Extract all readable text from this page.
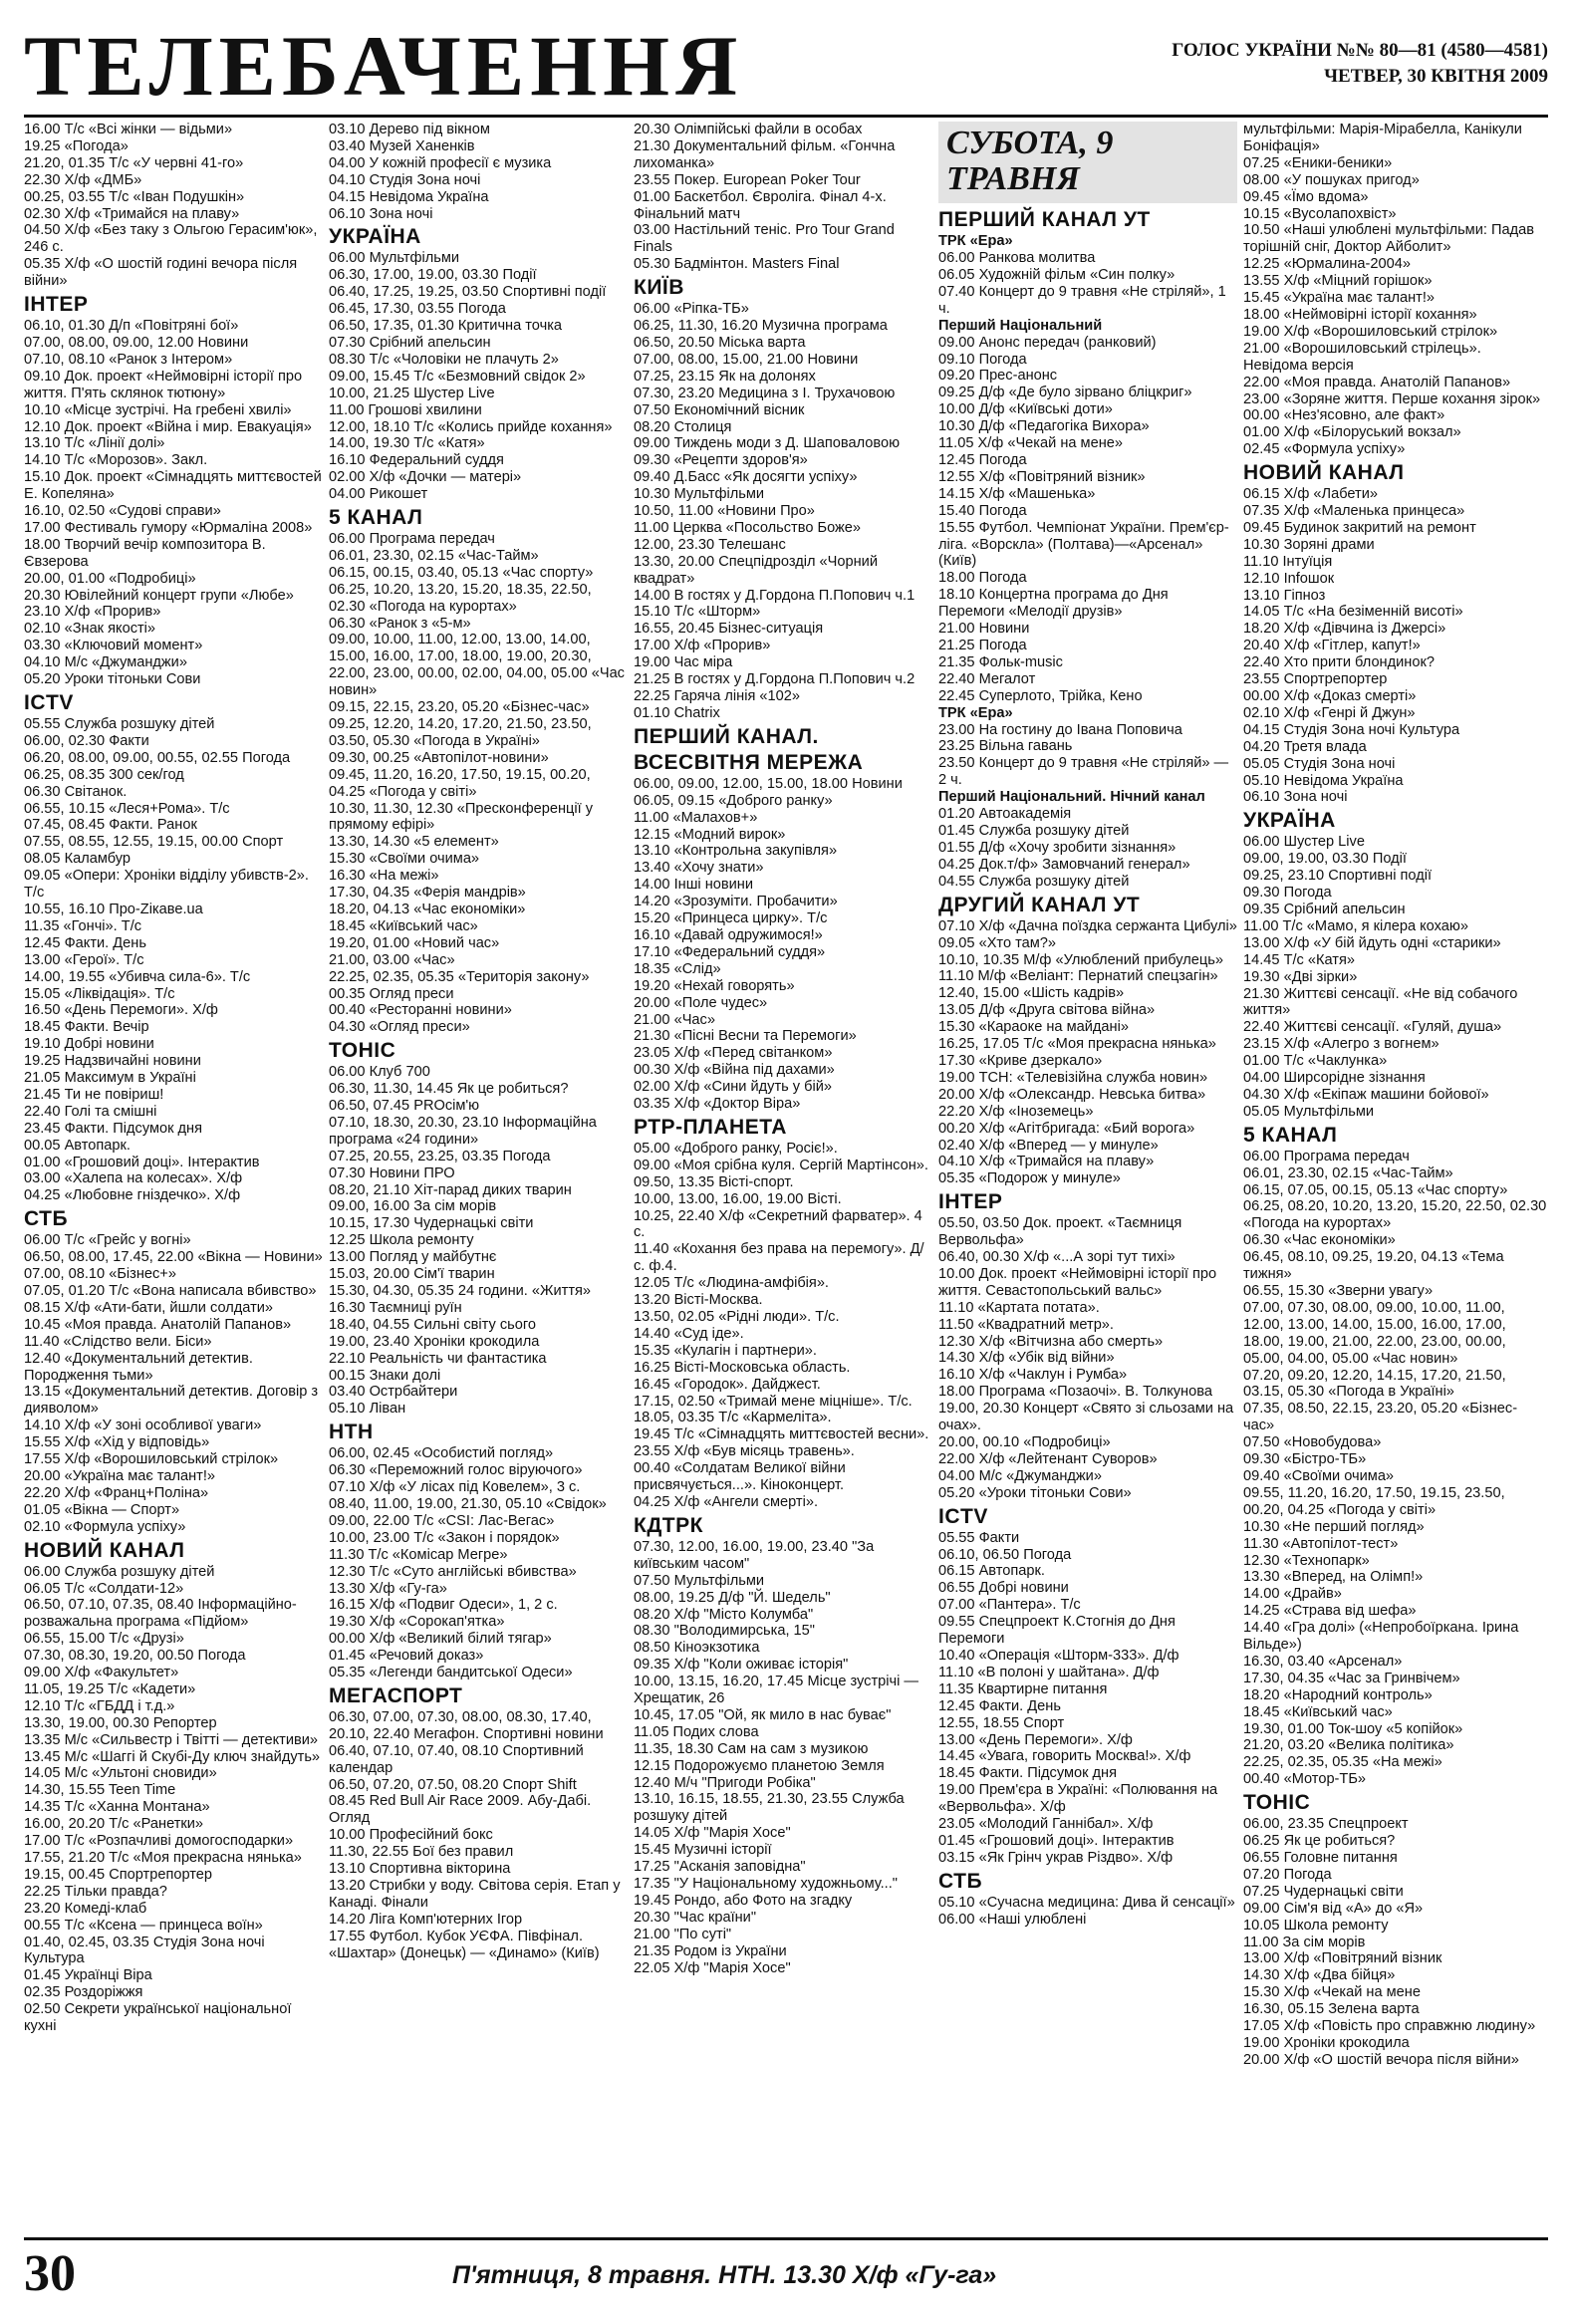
ТЕЛЕБАЧЕННЯ	ГОЛОС УКРАЇНИ №№ 80—81 (4580—4581)
ЧЕТВЕР, 30 КВІТНЯ 2009
16.00 Т/с «Всі жінки — відьми»
19.25 «Погода»
21.20, 01.35 Т/с «У червні 41-го»
22.30 Х/ф «ДМБ»
00.25, 03.55 Т/с «Іван Подушкін»
02.30 Х/ф «Тримайся на плаву»
04.50 Х/ф «Без таку з Ольгою Герасим'юк», 246 с.
05.35 Х/ф «О шостій годині вечора після війни»
ІНТЕР
06.10, 01.30 Д/п «Повітряні бої»
07.00, 08.00, 09.00, 12.00 Новини
07.10, 08.10 «Ранок з Інтером»
09.10 Док. проект «Неймовірні історії про життя. П'ять склянок тютюну»
10.10 «Місце зустрічі. На гребені хвилі»
12.10 Док. проект «Війна і мир. Евакуація»
13.10 Т/с «Лінії долі»
14.10 Т/с «Морозов». Закл.
15.10 Док. проект «Сімнадцять миттєвостей Е. Копеляна»
16.10, 02.50 «Судові справи»
17.00 Фестиваль гумору «Юрмаліна 2008»
18.00 Творчий вечір композитора В. Євзерова
20.00, 01.00 «Подробиці»
20.30 Ювілейний концерт групи «Любе»
23.10 Х/ф «Прорив»
02.10 «Знак якості»
03.30 «Ключовий момент»
04.10 М/с «Джуманджи»
05.20 Уроки тітоньки Сови
ICTV
05.55 Служба розшуку дітей
06.00, 02.30 Факти
06.20, 08.00, 09.00, 00.55, 02.55 Погода
06.25, 08.35 300 сек/год
06.30 Світанок.
06.55, 10.15 «Леся+Рома». Т/с
07.45, 08.45 Факти. Ранок
07.55, 08.55, 12.55, 19.15, 00.00 Спорт
08.05 Каламбур
09.05 «Опери: Хроніки відділу убивств-2». Т/с
10.55, 16.10 Про-Zікаве.ua
11.35 «Гончі». Т/с
12.45 Факти. День
13.00 «Герої». Т/с
14.00, 19.55 «Убивча сила-6». Т/с
15.05 «Ліквідація». Т/с
16.50 «День Перемоги». Х/ф
18.45 Факти. Вечір
19.10 Добрі новини
19.25 Надзвичайні новини
21.05 Максимум в Україні
21.45 Ти не повіриш!
22.40 Голі та смішні
23.45 Факти. Підсумок дня
00.05 Автопарк.
01.00 «Грошовий доці». Інтерактив
03.00 «Халепа на колесах». Х/ф
04.25 «Любовне гніздечко». Х/ф
СТБ
06.00 Т/с «Грейс у вогні»
06.50, 08.00, 17.45, 22.00 «Вікна — Новини»
07.00, 08.10 «Бізнес+»
07.05, 01.20 Т/с «Вона написала вбивство»
08.15 Х/ф «Ати-бати, йшли солдати»
10.45 «Моя правда. Анатолій Папанов»
11.40 «Слідство вели. Біси»
12.40 «Документальний детектив. Породження тьми»
13.15 «Документальний детектив. Договір з дияволом»
14.10 Х/ф «У зоні особливої уваги»
15.55 Х/ф «Хід у відповідь»
17.55 Х/ф «Ворошиловський стрілок»
20.00 «Україна має талант!»
22.20 Х/ф «Франц+Поліна»
01.05 «Вікна — Спорт»
02.10 «Формула успіху»
НОВИЙ КАНАЛ
06.00 Служба розшуку дітей
06.05 Т/с «Солдати-12»
06.50, 07.10, 07.35, 08.40 Інформаційно-розважальна програма «Підйом»
06.55, 15.00 Т/с «Друзі»
07.30, 08.30, 19.20, 00.50 Погода
09.00 Х/ф «Факультет»
11.05, 19.25 Т/с «Кадети»
12.10 Т/с «ГБДД і т.д.»
13.30, 19.00, 00.30 Репортер
13.35 М/с «Сильвестр і Твітті — детективи»
13.45 М/с «Шаггі й Скубі-Ду ключ знайдуть»
14.05 М/с «Ультоні сновиди»
14.30, 15.55 Teen Time
14.35 Т/с «Ханна Монтана»
16.00, 20.20 Т/с «Ранетки»
17.00 Т/с «Розпачливі домогосподарки»
17.55, 21.20 Т/с «Моя прекрасна нянька»
19.15, 00.45 Спортрепортер
22.25 Тільки правда?
23.20 Комеді-клаб
00.55 Т/с «Ксена — принцеса воїн»
01.40, 02.45, 03.35 Студія Зона ночі Культура
01.45 Українці Віра
02.35 Роздоріжжя
02.50 Секрети української національної кухні
03.10 Дерево під вікном
03.40 Музей Ханенків
04.00 У кожній професії є музика
04.10 Студія Зона ночі
04.15 Невідома Україна
06.10 Зона ночі
УКРАЇНА
06.00 Мультфільми
06.30, 17.00, 19.00, 03.30 Події
06.40, 17.25, 19.25, 03.50 Спортивні події
06.45, 17.30, 03.55 Погода
06.50, 17.35, 01.30 Критична точка
07.30 Срібний апельсин
08.30 Т/с «Чоловіки не плачуть 2»
09.00, 15.45 Т/с «Безмовний свідок 2»
10.00, 21.25 Шустер Live
11.00 Грошові хвилини
12.00, 18.10 Т/с «Колись прийде кохання»
14.00, 19.30 Т/с «Катя»
16.10 Федеральний суддя
02.00 Х/ф «Дочки — матері»
04.00 Рикошет
5 КАНАЛ
06.00 Програма передач
06.01, 23.30, 02.15 «Час-Тайм»
06.15, 00.15, 03.40, 05.13 «Час спорту»
06.25, 10.20, 13.20, 15.20, 18.35, 22.50, 02.30 «Погода на курортах»
06.30 «Ранок з «5-м»
09.00, 10.00, 11.00, 12.00, 13.00, 14.00, 15.00, 16.00, 17.00, 18.00, 19.00, 20.30, 22.00, 23.00, 00.00, 02.00, 04.00, 05.00 «Час новин»
09.15, 22.15, 23.20, 05.20 «Бізнес-час»
09.25, 12.20, 14.20, 17.20, 21.50, 23.50, 03.50, 05.30 «Погода в Україні»
09.30, 00.25 «Автопілот-новини»
09.45, 11.20, 16.20, 17.50, 19.15, 00.20, 04.25 «Погода у світі»
10.30, 11.30, 12.30 «Пресконференції у прямому ефірі»
13.30, 14.30 «5 елемент»
15.30 «Своїми очима»
16.30 «На межі»
17.30, 04.35 «Ферія мандрів»
18.20, 04.13 «Час економіки»
18.45 «Київський час»
19.20, 01.00 «Новий час»
21.00, 03.00 «Час»
22.25, 02.35, 05.35 «Територія закону»
00.35 Огляд преси
00.40 «Ресторанні новини»
04.30 «Огляд преси»
ТОНІС
06.00 Клуб 700
06.30, 11.30, 14.45 Як це робиться?
06.50, 07.45 PROсім'ю
07.10, 18.30, 20.30, 23.10 Інформаційна програма «24 години»
07.25, 20.55, 23.25, 03.35 Погода
07.30 Новини ПРО
08.20, 21.10 Хіт-парад диких тварин
09.00, 16.00 За сім морів
10.15, 17.30 Чудернацькі світи
12.25 Школа ремонту
13.00 Погляд у майбутнє
15.03, 20.00 Сім'ї тварин
15.30, 04.30, 05.35 24 години. «Життя»
16.30 Таємниці руїн
18.40, 04.55 Сильні світу сього
19.00, 23.40 Хроніки крокодила
22.10 Реальність чи фантастика
00.15 Знаки долі
03.40 Острбайтери
05.10 Ліван
НТН
06.00, 02.45 «Особистий погляд»
06.30 «Переможний голос віруючого»
07.10 Х/ф «У лісах під Ковелем», 3 с.
08.40, 11.00, 19.00, 21.30, 05.10 «Свідок»
09.00, 22.00 Т/с «CSI: Лас-Вегас»
10.00, 23.00 Т/с «Закон і порядок»
11.30 Т/с «Комісар Мегре»
12.30 Т/с «Суто англійські вбивства»
13.30 Х/ф «Гу-га»
16.15 Х/ф «Подвиг Одеси», 1, 2 с.
19.30 Х/ф «Сорокап'ятка»
00.00 Х/ф «Великий білий тягар»
01.45 «Речовий доказ»
05.35 «Легенди бандитської Одеси»
МЕГАСПОРТ
06.30, 07.00, 07.30, 08.00, 08.30, 17.40, 20.10, 22.40 Мегафон. Спортивні новини
06.40, 07.10, 07.40, 08.10 Спортивний календар
06.50, 07.20, 07.50, 08.20 Спорт Shift
08.45 Red Bull Air Race 2009. Абу-Дабі. Огляд
10.00 Професійний бокс
11.30, 22.55 Бої без правил
13.10 Спортивна вікторина
13.20 Стрибки у воду. Світова серія. Етап у Канаді. Фінали
14.20 Ліга Комп'ютерних Ігор
17.55 Футбол. Кубок УЄФА. Півфінал. «Шахтар» (Донецьк) — «Динамо» (Київ)
20.30 Олімпійські файли в особах
21.30 Документальний фільм. «Гончна лихоманка»
23.55 Покер. European Poker Tour
01.00 Баскетбол. Євроліга. Фінал 4-х. Фінальний матч
03.00 Настільний теніс. Pro Tour Grand Finals
05.30 Бадмінтон. Masters Final
КИЇВ
06.00 «Ріпка-ТБ»
06.25, 11.30, 16.20 Музична програма
06.50, 20.50 Міська варта
07.00, 08.00, 15.00, 21.00 Новини
07.25, 23.15 Як на долонях
07.30, 23.20 Медицина з І. Трухачовою
07.50 Економічний вісник
08.20 Столиця
09.00 Тиждень моди з Д. Шаповаловою
09.30 «Рецепти здоров'я»
09.40 Д.Басс «Як досягти успіху»
10.30 Мультфільми
10.50, 11.00 «Новини Про»
11.00 Церква «Посольство Боже»
12.00, 23.30 Телешанс
13.30, 20.00 Спецпідрозділ «Чорний квадрат»
14.00 В гостях у Д.Гордона П.Попович ч.1
15.10 Т/с «Шторм»
16.55, 20.45 Бізнес-ситуація
17.00 Х/ф «Прорив»
19.00 Час міра
21.25 В гостях у Д.Гордона П.Попович ч.2
22.25 Гаряча лінія «102»
01.10 Chatrix
ПЕРШИЙ КАНАЛ. ВСЕСВІТНЯ МЕРЕЖА
06.00, 09.00, 12.00, 15.00, 18.00 Новини
06.05, 09.15 «Доброго ранку»
11.00 «Малахов+»
12.15 «Модний вирок»
13.10 «Контрольна закупівля»
13.40 «Хочу знати»
14.00 Інші новини
14.20 «Зрозуміти. Пробачити»
15.20 «Принцеса цирку». Т/с
16.10 «Давай одружимося!»
17.10 «Федеральний суддя»
18.35 «Слід»
19.20 «Нехай говорять»
20.00 «Поле чудес»
21.00 «Час»
21.30 «Пісні Весни та Перемоги»
23.05 Х/ф «Перед світанком»
00.30 Х/ф «Війна під дахами»
02.00 Х/ф «Сини йдуть у бій»
03.35 Х/ф «Доктор Віра»
РТР-ПЛАНЕТА
05.00 «Доброго ранку, Росіє!».
09.00 «Моя срібна куля. Сергій Мартінсон».
09.50, 13.35 Вісті-спорт.
10.00, 13.00, 16.00, 19.00 Вісті.
10.25, 22.40 Х/ф «Секретний фарватер». 4 с.
11.40 «Кохання без права на перемогу». Д/с. ф.4.
12.05 Т/с «Людина-амфібія».
13.20 Вісті-Москва.
13.50, 02.05 «Рідні люди». Т/с.
14.40 «Суд іде».
15.35 «Кулагін і партнери».
16.25 Вісті-Московська область.
16.45 «Городок». Дайджест.
17.15, 02.50 «Тримай мене міцніше». Т/с.
18.05, 03.35 Т/с «Кармеліта».
19.45 Т/с «Сімнадцять миттєвостей весни».
23.55 Х/ф «Був місяць травень».
00.40 «Солдатам Великої війни присвячується...». Кіноконцерт.
04.25 Х/ф «Ангели смерті».
КДТРК
07.30, 12.00, 16.00, 19.00, 23.40 "За київським часом"
07.50 Мультфільми
08.00, 19.25 Д/ф "Й. Шедель"
08.20 Х/ф "Місто Колумба"
08.30 "Володимирська, 15"
08.50 Кіноэкзотика
09.35 Х/ф "Коли оживає історія"
10.00, 13.15, 16.20, 17.45 Місце зустрічі — Хрещатик, 26
10.45, 17.05 "Ой, як мило в нас буває"
11.05 Подих слова
11.35, 18.30 Сам на сам з музикою
12.15 Подорожуємо планетою Земля
12.40 М/ч "Пригоди Робіка"
13.10, 16.15, 18.55, 21.30, 23.55 Служба розшуку дітей
14.05 Х/ф "Марія Хосе"
15.45 Музичні історії
17.25 "Асканія заповідна"
17.35 "У Національному художньому..."
19.45 Рондо, або Фото на згадку
20.30 "Час країни"
21.00 "По суті"
21.35 Родом із України
22.05 Х/ф "Марія Хосе"
СУБОТА, 9 ТРАВНЯ
ПЕРШИЙ КАНАЛ УТ
ТРК «Ера»
06.00 Ранкова молитва
06.05 Художній фільм «Син полку»
07.40 Концерт до 9 травня «Не стріляй», 1 ч.
Перший Національний
09.00 Анонс передач (ранковий)
09.10 Погода
09.20 Прес-анонс
09.25 Д/ф «Де було зірвано бліцкриг»
10.00 Д/ф «Київські доти»
10.30 Д/ф «Педагогіка Вихора»
11.05 Х/ф «Чекай на мене»
12.45 Погода
12.55 Х/ф «Повітряний візник»
14.15 Х/ф «Машенька»
15.40 Погода
15.55 Футбол. Чемпіонат України. Прем'єр-ліга. «Ворскла» (Полтава)—«Арсенал» (Київ)
18.00 Погода
18.10 Концертна програма до Дня Перемоги «Мелодії друзів»
21.00 Новини
21.25 Погода
21.35 Фольк-music
22.40 Мегалот
22.45 Суперлото, Трійка, Кено
ТРК «Ера»
23.00 На гостину до Івана Поповича
23.25 Вільна гавань
23.50 Концерт до 9 травня «Не стріляй» — 2 ч.
Перший Національний. Нічний канал
01.20 Автоакадемія
01.45 Служба розшуку дітей
01.55 Д/ф «Хочу зробити зізнання»
04.25 Док.т/ф» Замовчаний генерал»
04.55 Служба розшуку дітей
ДРУГИЙ КАНАЛ УТ
07.10 Х/ф «Дачна поїздка сержанта Цибулі»
09.05 «Хто там?»
10.10, 10.35 М/ф «Улюблений прибулець»
11.10 М/ф «Веліант: Пернатий спецзагін»
12.40, 15.00 «Шість кадрів»
13.05 Д/ф «Друга світова війна»
15.30 «Караоке на майдані»
16.25, 17.05 Т/с «Моя прекрасна нянька»
17.30 «Криве дзеркало»
19.00 ТСН: «Телевізійна служба новин»
20.00 Х/ф «Олександр. Невська битва»
22.20 Х/ф «Іноземець»
00.20 Х/ф «Агітбригада: «Бий ворога»
02.40 Х/ф «Вперед — у минуле»
04.10 Х/ф «Тримайся на плаву»
05.35 «Подорож у минуле»
ІНТЕР
05.50, 03.50 Док. проект. «Таємниця Вервольфа»
06.40, 00.30 Х/ф «...А зорі тут тихі»
10.00 Док. проект «Неймовірні історії про життя. Севастопольський вальс»
11.10 «Картата потата».
11.50 «Квадратний метр».
12.30 Х/ф «Вітчизна або смерть»
14.30 Х/ф «Убік від війни»
16.10 Х/ф «Чаклун і Румба»
18.00 Програма «Позаочі». В. Толкунова
19.00, 20.30 Концерт «Свято зі сльозами на очах».
20.00, 00.10 «Подробиці»
22.00 Х/ф «Лейтенант Суворов»
04.00 М/с «Джуманджи»
05.20 «Уроки тітоньки Сови»
ICTV
05.55 Факти
06.10, 06.50 Погода
06.15 Автопарк.
06.55 Добрі новини
07.00 «Пантера». Т/с
09.55 Спецпроект К.Стогнія до Дня Перемоги
10.40 «Операція «Шторм-333». Д/ф
11.10 «В полоні у шайтана». Д/ф
11.35 Квартирне питання
12.45 Факти. День
12.55, 18.55 Спорт
13.00 «День Перемоги». Х/ф
14.45 «Увага, говорить Москва!». Х/ф
18.45 Факти. Підсумок дня
19.00 Прем'єра в Україні: «Полювання на «Вервольфа». Х/ф
23.05 «Молодий Ганнібал». Х/ф
01.45 «Грошовий доці». Інтерактив
03.15 «Як Грінч украв Різдво». Х/ф
СТБ
05.10 «Сучасна медицина: Дива й сенсації»
06.00 «Наші улюблені
мультфільми: Марія-Мірабелла, Канікули Боніфація»
07.25 «Еники-беники»
08.00 «У пошуках пригод»
09.45 «Їмо вдома»
10.15 «Вусолапохвіст»
10.50 «Наші улюблені мультфільми: Падав торішній сніг, Доктор Айболит»
12.25 «Юрмалина-2004»
13.55 Х/ф «Міцний горішок»
15.45 «Україна має талант!»
18.00 «Неймовірні історії кохання»
19.00 Х/ф «Ворошиловський стрілок»
21.00 «Ворошиловський стрілець». Невідома версія
22.00 «Моя правда. Анатолій Папанов»
23.00 «Зоряне життя. Перше кохання зірок»
00.00 «Нез'ясовно, але факт»
01.00 Х/ф «Білоруський вокзал»
02.45 «Формула успіху»
НОВИЙ КАНАЛ
06.15 Х/ф «Лабети»
07.35 Х/ф «Маленька принцеса»
09.45 Будинок закритий на ремонт
10.30 Зоряні драми
11.10 Інтуїція
12.10 Infoшок
13.10 Гіпноз
14.05 Т/с «На безіменній висоті»
18.20 Х/ф «Дівчина із Джерсі»
20.40 Х/ф «Гітлер, капут!»
22.40 Хто прити блондинок?
23.55 Спортрепортер
00.00 Х/ф «Доказ смерті»
02.10 Х/ф «Генрі й Джун»
04.15 Студія Зона ночі Культура
04.20 Третя влада
05.05 Студія Зона ночі
05.10 Невідома Україна
06.10 Зона ночі
УКРАЇНА
06.00 Шустер Live
09.00, 19.00, 03.30 Події
09.25, 23.10 Спортивні події
09.30 Погода
09.35 Срібний апельсин
11.00 Т/с «Мамо, я кілера кохаю»
13.00 Х/ф «У бій йдуть одні «старики»
14.45 Т/с «Катя»
19.30 «Дві зірки»
21.30 Життєві сенсації. «Не від собачого життя»
22.40 Життєві сенсації. «Гуляй, душа»
23.15 Х/ф «Алегро з вогнем»
01.00 Т/с «Чаклунка»
04.00 Ширсорідне зізнання
04.30 Х/ф «Екіпаж машини бойової»
05.05 Мультфільми
5 КАНАЛ
06.00 Програма передач
06.01, 23.30, 02.15 «Час-Тайм»
06.15, 07.05, 00.15, 05.13 «Час спорту»
06.25, 08.20, 10.20, 13.20, 15.20, 22.50, 02.30 «Погода на курортах»
06.30 «Час економіки»
06.45, 08.10, 09.25, 19.20, 04.13 «Тема тижня»
06.55, 15.30 «Зверни увагу»
07.00, 07.30, 08.00, 09.00, 10.00, 11.00, 12.00, 13.00, 14.00, 15.00, 16.00, 17.00, 18.00, 19.00, 21.00, 22.00, 23.00, 00.00, 05.00, 04.00, 05.00 «Час новин»
07.20, 09.20, 12.20, 14.15, 17.20, 21.50, 03.15, 05.30 «Погода в Україні»
07.35, 08.50, 22.15, 23.20, 05.20 «Бізнес-час»
07.50 «Новобудова»
09.30 «Бістро-ТБ»
09.40 «Своїми очима»
09.55, 11.20, 16.20, 17.50, 19.15, 23.50, 00.20, 04.25 «Погода у світі»
10.30 «Не перший погляд»
11.30 «Автопілот-тест»
12.30 «Технопарк»
13.30 «Вперед, на Олімп!»
14.00 «Драйв»
14.25 «Страва від шефа»
14.40 «Гра долі» («Непробоїркана. Ірина Вільде»)
16.30, 03.40 «Арсенал»
17.30, 04.35 «Час за Гринвічем»
18.20 «Народний контроль»
18.45 «Київський час»
19.30, 01.00 Ток-шоу «5 копійок»
21.20, 03.20 «Велика політика»
22.25, 02.35, 05.35 «На межі»
00.40 «Мотор-ТБ»
ТОНІС
06.00, 23.35 Спецпроект
06.25 Як це робиться?
06.55 Головне питання
07.20 Погода
07.25 Чудернацькі світи
09.00 Сім'я від «А» до «Я»
10.05 Школа ремонту
11.00 За сім морів
13.00 Х/ф «Повітряний візник
14.30 Х/ф «Два бійця»
15.30 Х/ф «Чекай на мене
16.30, 05.15 Зелена варта
17.05 Х/ф «Повість про справжню людину»
19.00 Хроніки крокодила
20.00 Х/ф «О шостій вечора після війни»
30	П'ятниця, 8 травня. НТН. 13.30 Х/ф «Гу-га»
